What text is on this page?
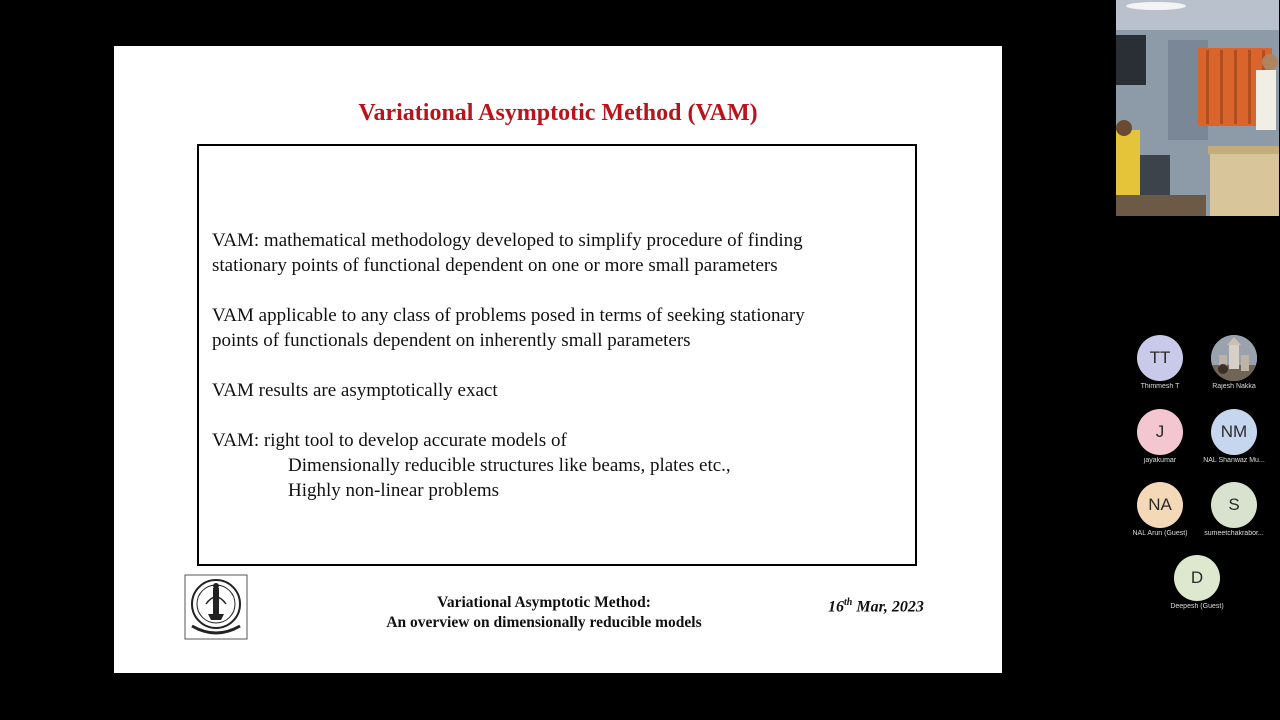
Variational Asymptotic Method (VAM)
VAM: mathematical methodology developed to simplify procedure of finding
stationary points of functional dependent on one or more small parameters
VAM applicable to any class of problems posed in terms of seeking stationary
points of functionals dependent on inherently small parameters
VAM results are asymptotically exact
VAM: right tool to develop accurate models of
Dimensionally reducible structures like beams, plates etc.,
Highly non-linear problems
Variational Asymptotic Method:
An overview on dimensionally reducible models
16th Mar, 2023
TT
Thimmesh T	Rajesh Nakka
J
jayakumar
NM
NAL Shanwaz Mu...
NA
NAL Arun (Guest)
S
sumeetchakrabor...
D
Deepesh (Guest)
